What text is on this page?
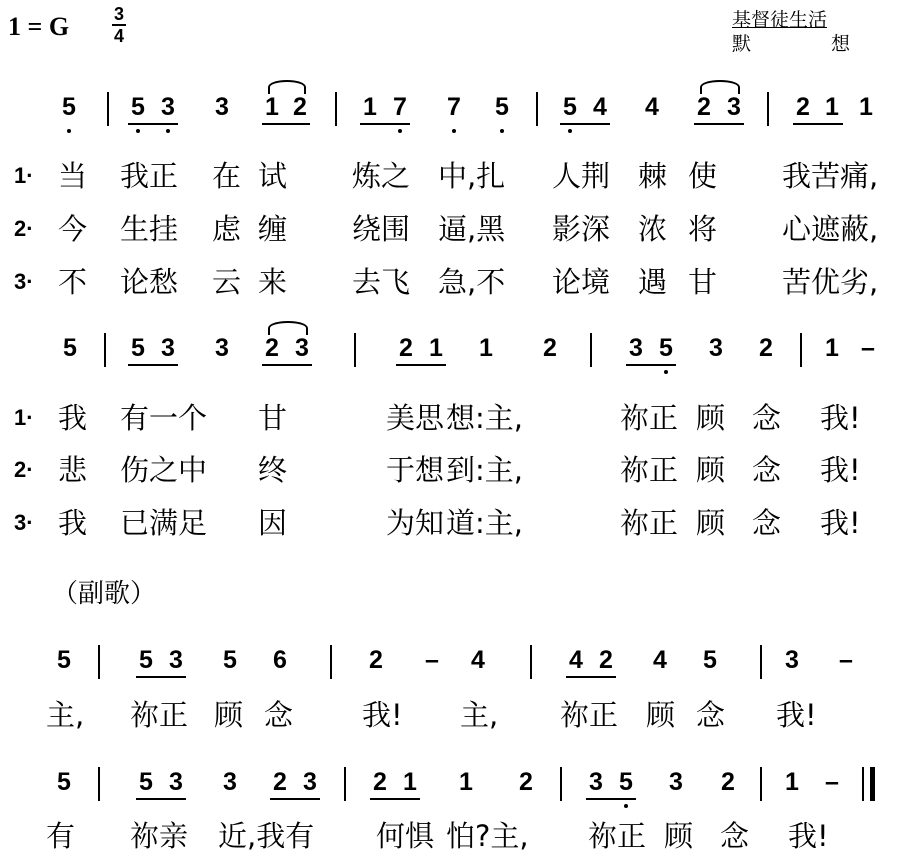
1 = G 3
4
基督徒生活
默	想
5 5 3 3 1 2 1 7 7 5 5 4 4 2 3 2 1 1
1· 当 我正 在 试 炼之 中,扎 人荆 棘 使 我苦痛,
2· 今 生挂 虑 缠 绕围 逼,黑 影深 浓 将 心遮蔽,
3· 不 论愁 云 来 去飞 急,不 论境 遇 甘 苦优劣,
5 5 3 3 2 3	2 1 1 2	3 5 3 2 1 –
1· 我 有一个 甘	美思 想:主,	祢正 顾 念 我!
2· 悲 伤之中 终	于想 到:主,	祢正 顾 念 我!
3· 我 已满足 因	为知 道:主,	祢正 顾 念 我!
（副歌）
5	5 3 5 6	2 – 4	4 2 4 5	3 –
主, 祢正 顾 念 我! 主, 祢正 顾 念 我!
5	5 3 3 2 3 2 1 1 2 3 5 3 2 1 –
有 祢亲 近,我有 何惧 怕?主, 祢正 顾 念 我!
